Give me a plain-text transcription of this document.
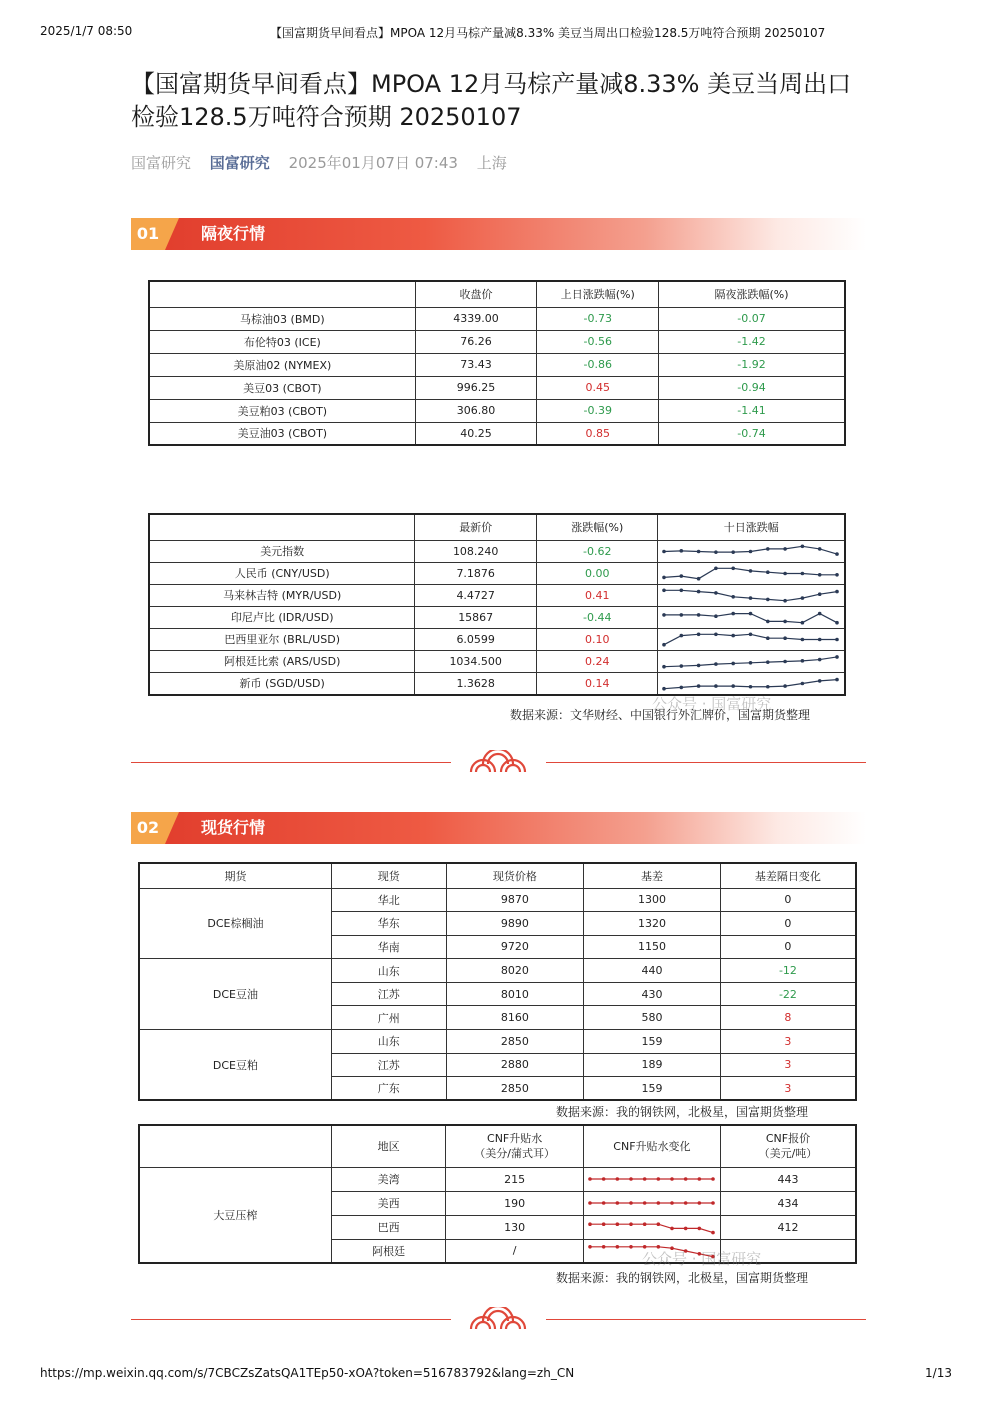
2025/1/7 08:50	【国富期货早间看点】MPOA 12月马棕产量减8.33% 美豆当周出口检验128.5万吨符合预期 20250107
【国富期货早间看点】MPOA 12月马棕产量减8.33% 美豆当周出口检验128.5万吨符合预期 20250107
国富研究 国富研究 2025年01月07日 07:43 上海
01	隔夜行情
	收盘价	上日涨跌幅(%)	隔夜涨跌幅(%)
马棕油03 (BMD)	4339.00	-0.73	-0.07
布伦特03 (ICE)	76.26	-0.56	-1.42
美原油02 (NYMEX)	73.43	-0.86	-1.92
美豆03 (CBOT)	996.25	0.45	-0.94
美豆粕03 (CBOT)	306.80	-0.39	-1.41
美豆油03 (CBOT)	40.25	0.85	-0.74
	最新价	涨跌幅(%)	十日涨跌幅
美元指数	108.240	-0.62	

人民币 (CNY/USD)	7.1876	0.00	

马来林吉特 (MYR/USD)	4.4727	0.41	

印尼卢比 (IDR/USD)	15867	-0.44	

巴西里亚尔 (BRL/USD)	6.0599	0.10	

阿根廷比索 (ARS/USD)	1034.500	0.24	

新币 (SGD/USD)	1.3628	0.14	
公众号 · 国富研究
数据来源：文华财经、中国银行外汇牌价，国富期货整理
02	现货行情
期货	现货	现货价格	基差	基差隔日变化
DCE棕榈油	华北	9870	1300	0
	华东	9890	1320	0
	华南	9720	1150	0
DCE豆油	山东	8020	440	-12
	江苏	8010	430	-22
	广州	8160	580	8
DCE豆粕	山东	2850	159	3
	江苏	2880	189	3
	广东	2850	159	3
数据来源：我的钢铁网，北极星，国富期货整理
	地区	CNF升贴水
（美分/蒲式耳）	CNF升贴水变化	CNF报价
（美元/吨）
大豆压榨	美湾	215		443
	美西	190		434
	巴西	130		412
	阿根廷	/	
		公众号 · 国富研究
数据来源：我的钢铁网，北极星，国富期货整理
https://mp.weixin.qq.com/s/7CBCZsZatsQA1TEp50-xOA?token=516783792&lang=zh_CN	1/13
